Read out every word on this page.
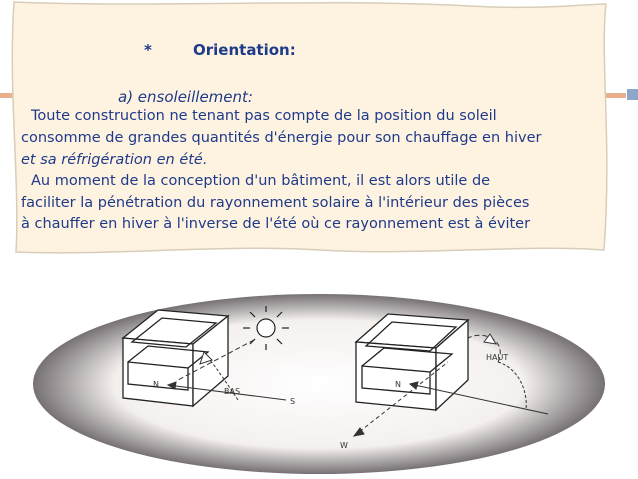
*	Orientation:
a) ensoleillement:
Toute construction ne tenant pas compte de la position du soleil
consomme de grandes quantités d'énergie pour son chauffage en hiver
et sa réfrigération en été.
Au moment de la conception d'un bâtiment, il est alors utile de
faciliter la pénétration du rayonnement solaire à l'intérieur des pièces
à chauffer en hiver à l'inverse de l'été où ce rayonnement est à éviter
BAS
N
S
HAUT
N
W
